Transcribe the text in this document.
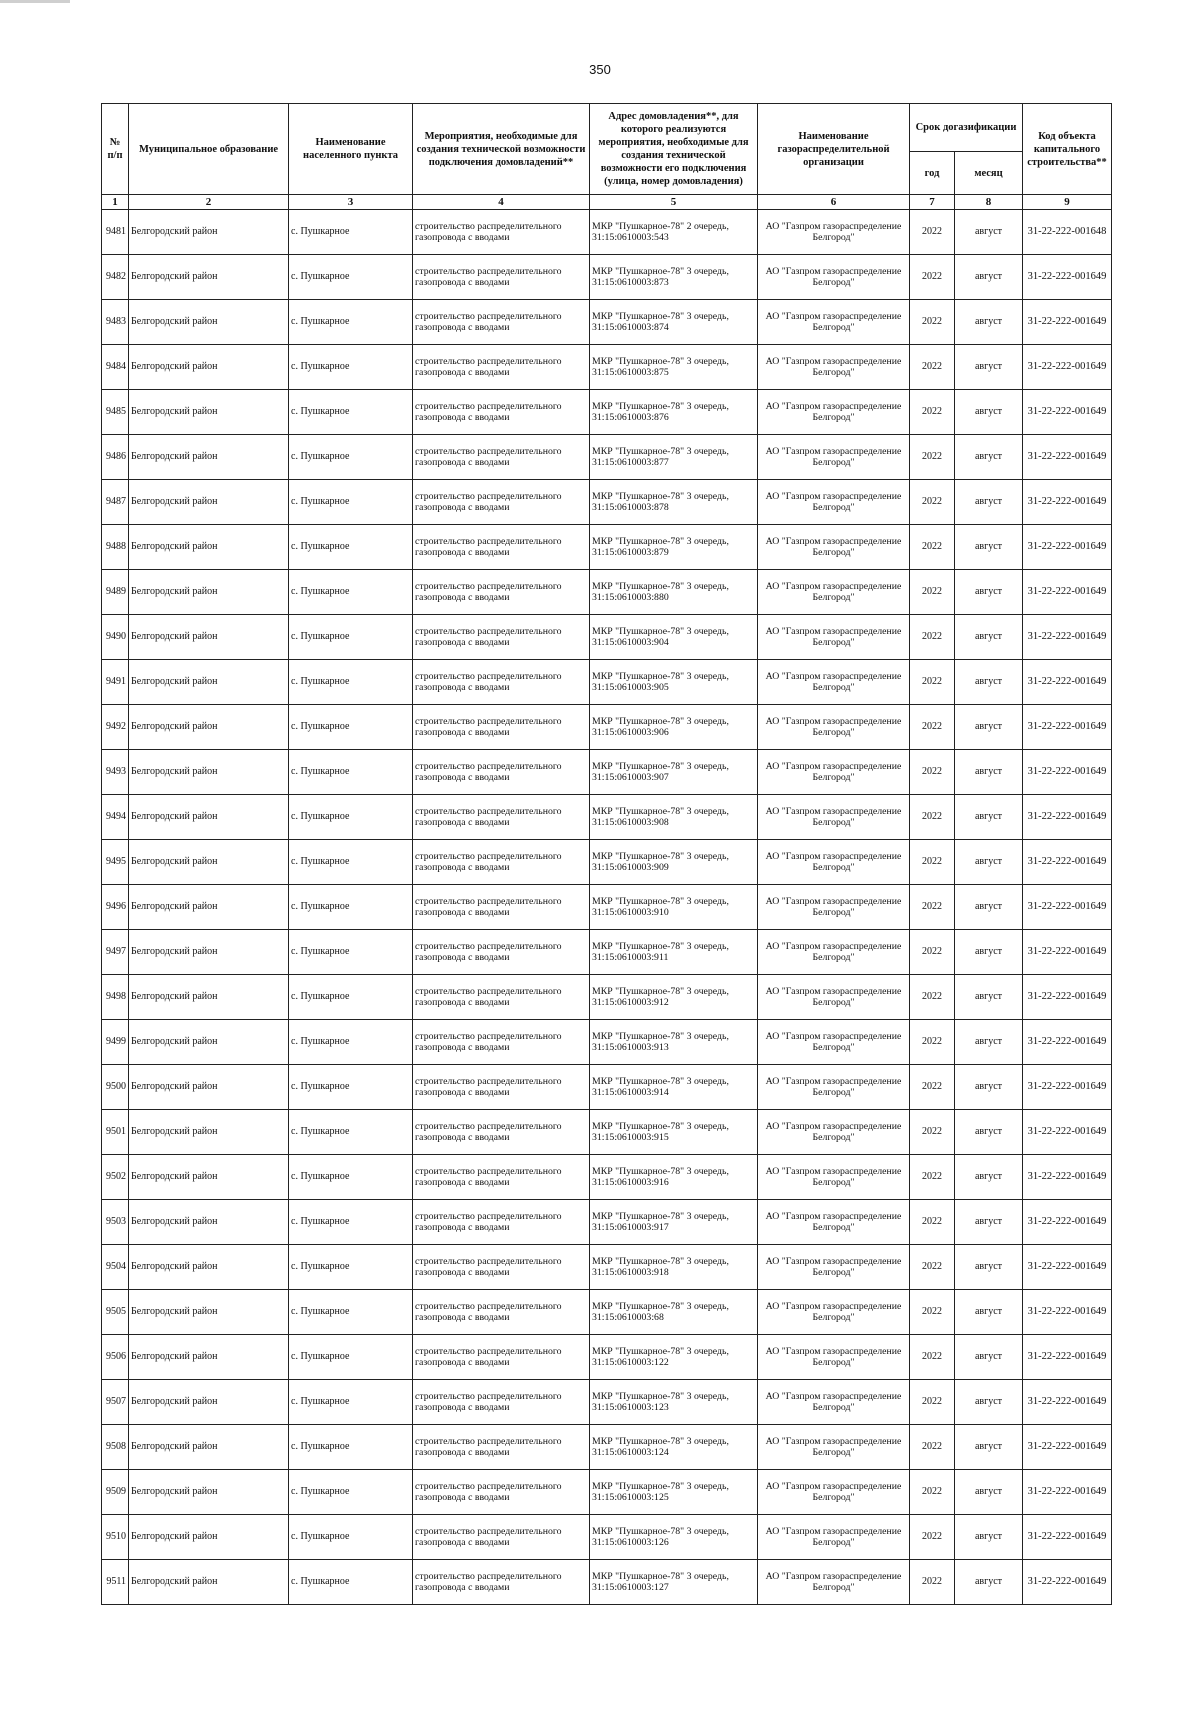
350
№ п/п	Муниципальное образование	Наименование населенного пункта	Мероприятия, необходимые для создания технической возможности подключения домовладений**	Адрес домовладения**, для которого реализуются мероприятия, необходимые для создания технической возможности его подключения (улица, номер домовладения)	Наименование газораспределительной организации	Срок догазификации		Код объекта капитального строительства**
						год	месяц	
1	2	3	4	5	6	7	8	9
9481	Белгородский район	с. Пушкарное	строительство распределительного газопровода с вводами	МКР "Пушкарное-78" 2 очередь, 31:15:0610003:543	АО "Газпром газораспределение Белгород"	2022	август	31-22-222-001648
9482	Белгородский район	с. Пушкарное	строительство распределительного газопровода с вводами	МКР "Пушкарное-78" 3 очередь, 31:15:0610003:873	АО "Газпром газораспределение Белгород"	2022	август	31-22-222-001649
9483	Белгородский район	с. Пушкарное	строительство распределительного газопровода с вводами	МКР "Пушкарное-78" 3 очередь, 31:15:0610003:874	АО "Газпром газораспределение Белгород"	2022	август	31-22-222-001649
9484	Белгородский район	с. Пушкарное	строительство распределительного газопровода с вводами	МКР "Пушкарное-78" 3 очередь, 31:15:0610003:875	АО "Газпром газораспределение Белгород"	2022	август	31-22-222-001649
9485	Белгородский район	с. Пушкарное	строительство распределительного газопровода с вводами	МКР "Пушкарное-78" 3 очередь, 31:15:0610003:876	АО "Газпром газораспределение Белгород"	2022	август	31-22-222-001649
9486	Белгородский район	с. Пушкарное	строительство распределительного газопровода с вводами	МКР "Пушкарное-78" 3 очередь, 31:15:0610003:877	АО "Газпром газораспределение Белгород"	2022	август	31-22-222-001649
9487	Белгородский район	с. Пушкарное	строительство распределительного газопровода с вводами	МКР "Пушкарное-78" 3 очередь, 31:15:0610003:878	АО "Газпром газораспределение Белгород"	2022	август	31-22-222-001649
9488	Белгородский район	с. Пушкарное	строительство распределительного газопровода с вводами	МКР "Пушкарное-78" 3 очередь, 31:15:0610003:879	АО "Газпром газораспределение Белгород"	2022	август	31-22-222-001649
9489	Белгородский район	с. Пушкарное	строительство распределительного газопровода с вводами	МКР "Пушкарное-78" 3 очередь, 31:15:0610003:880	АО "Газпром газораспределение Белгород"	2022	август	31-22-222-001649
9490	Белгородский район	с. Пушкарное	строительство распределительного газопровода с вводами	МКР "Пушкарное-78" 3 очередь, 31:15:0610003:904	АО "Газпром газораспределение Белгород"	2022	август	31-22-222-001649
9491	Белгородский район	с. Пушкарное	строительство распределительного газопровода с вводами	МКР "Пушкарное-78" 3 очередь, 31:15:0610003:905	АО "Газпром газораспределение Белгород"	2022	август	31-22-222-001649
9492	Белгородский район	с. Пушкарное	строительство распределительного газопровода с вводами	МКР "Пушкарное-78" 3 очередь, 31:15:0610003:906	АО "Газпром газораспределение Белгород"	2022	август	31-22-222-001649
9493	Белгородский район	с. Пушкарное	строительство распределительного газопровода с вводами	МКР "Пушкарное-78" 3 очередь, 31:15:0610003:907	АО "Газпром газораспределение Белгород"	2022	август	31-22-222-001649
9494	Белгородский район	с. Пушкарное	строительство распределительного газопровода с вводами	МКР "Пушкарное-78" 3 очередь, 31:15:0610003:908	АО "Газпром газораспределение Белгород"	2022	август	31-22-222-001649
9495	Белгородский район	с. Пушкарное	строительство распределительного газопровода с вводами	МКР "Пушкарное-78" 3 очередь, 31:15:0610003:909	АО "Газпром газораспределение Белгород"	2022	август	31-22-222-001649
9496	Белгородский район	с. Пушкарное	строительство распределительного газопровода с вводами	МКР "Пушкарное-78" 3 очередь, 31:15:0610003:910	АО "Газпром газораспределение Белгород"	2022	август	31-22-222-001649
9497	Белгородский район	с. Пушкарное	строительство распределительного газопровода с вводами	МКР "Пушкарное-78" 3 очередь, 31:15:0610003:911	АО "Газпром газораспределение Белгород"	2022	август	31-22-222-001649
9498	Белгородский район	с. Пушкарное	строительство распределительного газопровода с вводами	МКР "Пушкарное-78" 3 очередь, 31:15:0610003:912	АО "Газпром газораспределение Белгород"	2022	август	31-22-222-001649
9499	Белгородский район	с. Пушкарное	строительство распределительного газопровода с вводами	МКР "Пушкарное-78" 3 очередь, 31:15:0610003:913	АО "Газпром газораспределение Белгород"	2022	август	31-22-222-001649
9500	Белгородский район	с. Пушкарное	строительство распределительного газопровода с вводами	МКР "Пушкарное-78" 3 очередь, 31:15:0610003:914	АО "Газпром газораспределение Белгород"	2022	август	31-22-222-001649
9501	Белгородский район	с. Пушкарное	строительство распределительного газопровода с вводами	МКР "Пушкарное-78" 3 очередь, 31:15:0610003:915	АО "Газпром газораспределение Белгород"	2022	август	31-22-222-001649
9502	Белгородский район	с. Пушкарное	строительство распределительного газопровода с вводами	МКР "Пушкарное-78" 3 очередь, 31:15:0610003:916	АО "Газпром газораспределение Белгород"	2022	август	31-22-222-001649
9503	Белгородский район	с. Пушкарное	строительство распределительного газопровода с вводами	МКР "Пушкарное-78" 3 очередь, 31:15:0610003:917	АО "Газпром газораспределение Белгород"	2022	август	31-22-222-001649
9504	Белгородский район	с. Пушкарное	строительство распределительного газопровода с вводами	МКР "Пушкарное-78" 3 очередь, 31:15:0610003:918	АО "Газпром газораспределение Белгород"	2022	август	31-22-222-001649
9505	Белгородский район	с. Пушкарное	строительство распределительного газопровода с вводами	МКР "Пушкарное-78" 3 очередь, 31:15:0610003:68	АО "Газпром газораспределение Белгород"	2022	август	31-22-222-001649
9506	Белгородский район	с. Пушкарное	строительство распределительного газопровода с вводами	МКР "Пушкарное-78" 3 очередь, 31:15:0610003:122	АО "Газпром газораспределение Белгород"	2022	август	31-22-222-001649
9507	Белгородский район	с. Пушкарное	строительство распределительного газопровода с вводами	МКР "Пушкарное-78" 3 очередь, 31:15:0610003:123	АО "Газпром газораспределение Белгород"	2022	август	31-22-222-001649
9508	Белгородский район	с. Пушкарное	строительство распределительного газопровода с вводами	МКР "Пушкарное-78" 3 очередь, 31:15:0610003:124	АО "Газпром газораспределение Белгород"	2022	август	31-22-222-001649
9509	Белгородский район	с. Пушкарное	строительство распределительного газопровода с вводами	МКР "Пушкарное-78" 3 очередь, 31:15:0610003:125	АО "Газпром газораспределение Белгород"	2022	август	31-22-222-001649
9510	Белгородский район	с. Пушкарное	строительство распределительного газопровода с вводами	МКР "Пушкарное-78" 3 очередь, 31:15:0610003:126	АО "Газпром газораспределение Белгород"	2022	август	31-22-222-001649
9511	Белгородский район	с. Пушкарное	строительство распределительного газопровода с вводами	МКР "Пушкарное-78" 3 очередь, 31:15:0610003:127	АО "Газпром газораспределение Белгород"	2022	август	31-22-222-001649
